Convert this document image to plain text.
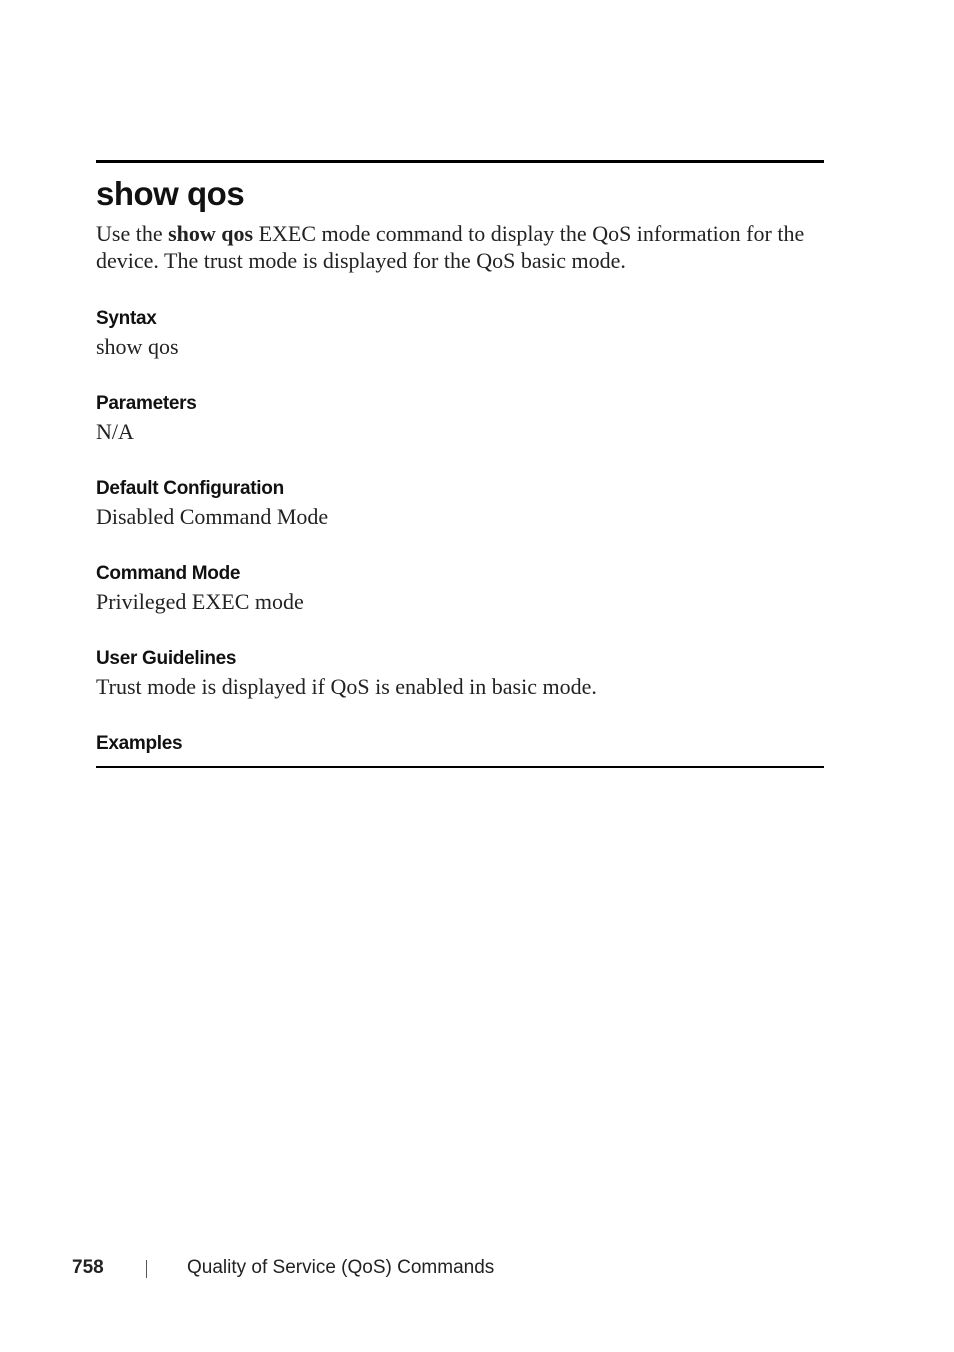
show qos

Use the show qos EXEC mode command to display the QoS information for the device. The trust mode is displayed for the QoS basic mode.

Syntax

show qos

Parameters

N/A

Default Configuration

Disabled Command Mode

Command Mode

Privileged EXEC mode

User Guidelines

Trust mode is displayed if QoS is enabled in basic mode.

Examples
758	Quality of Service (QoS) Commands
